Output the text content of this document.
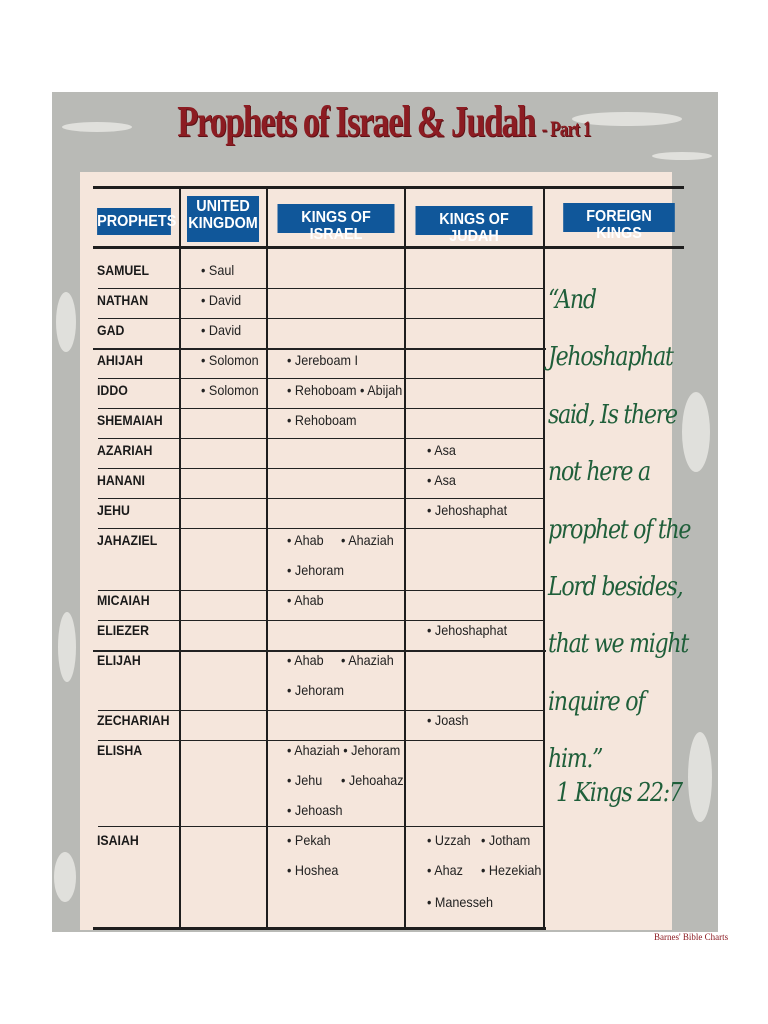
Prophets of Israel & Judah - Part 1
PROPHETS
UNITED
KINGDOM	KINGS OF ISRAEL
KINGS OF JUDAH
FOREIGN
KINGS
SAMUEL
NATHAN
GAD
AHIJAH
IDDO
SHEMAIAH
AZARIAH
HANANI
JEHU
JAHAZIEL
MICAIAH
ELIEZER
ELIJAH
ZECHARIAH
ELISHA
ISAIAH
• Saul
• David
• David
• Solomon
• Solomon
• Jereboam I
• Rehoboam • Abijah
• Rehoboam
• Ahab • Ahaziah
• Jehoram
• Ahab
• Ahab • Ahaziah
• Jehoram
• Ahaziah • Jehoram
• Jehu • Jehoahaz
• Jehoash
• Pekah
• Hoshea
• Asa
• Asa
• Jehoshaphat
• Jehoshaphat
• Joash
• Uzzah • Jotham
• Ahaz • Hezekiah
• Manesseh
“And
Jehoshaphat
said, Is there
not here a
prophet of the
Lord besides,
that we might
inquire of
him.”
1 Kings 22:7
Barnes' Bible Charts
